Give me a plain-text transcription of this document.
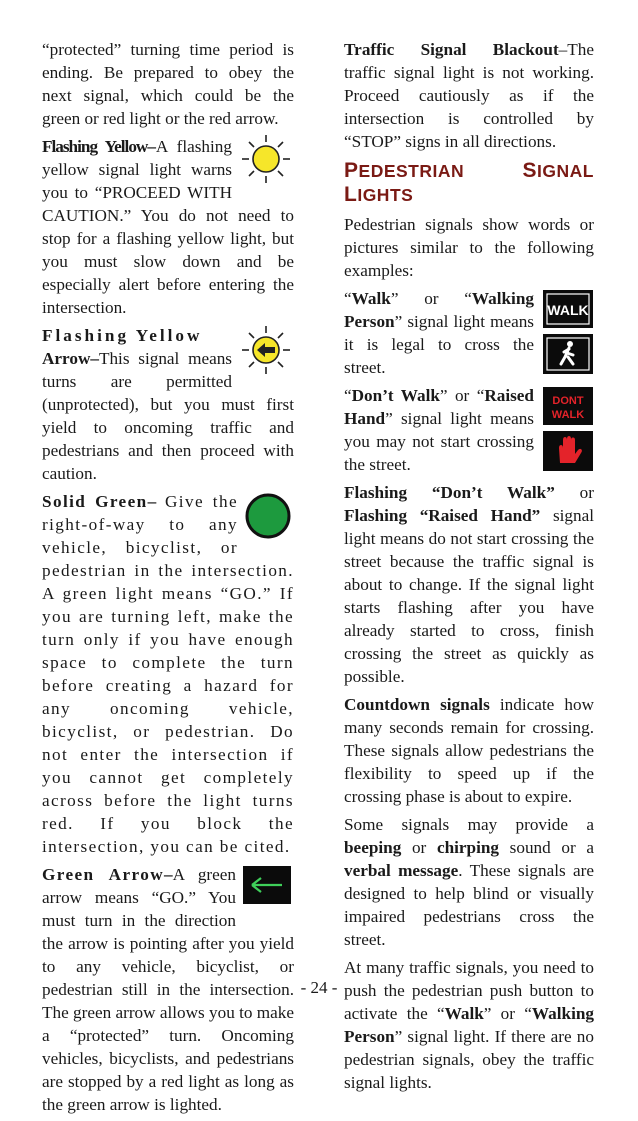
“protected” turning time period is ending. Be prepared to obey the next signal, which could be the green or red light or the red arrow.

Flashing Yellow–A flashing yellow signal light warns you to “PROCEED WITH CAUTION.” You do not need to stop for a flashing yellow light, but you must slow down and be especially alert before entering the intersection.

Flashing Yellow
Arrow–This signal means turns are permitted (unprotected), but you must first yield to oncoming traffic and pedestrians and then proceed with caution.

Solid Green– Give the right-of-way to any vehicle, bicyclist, or pedestrian in the intersection. A green light means “GO.” If you are turning left, make the turn only if you have enough space to complete the turn before creating a hazard for any oncoming vehicle, bicyclist, or pedestrian. Do not enter the intersection if you cannot get completely across before the light turns red. If you block the intersection, you can be cited.

Green Arrow–A green arrow means “GO.” You must turn in the direction the arrow is pointing after you yield to any vehicle, bicyclist, or pedestrian still in the intersection. The green arrow allows you to make a “protected” turn. Oncoming vehicles, bicyclists, and pedestrians are stopped by a red light as long as the green arrow is lighted.

Traffic Signal Blackout–The traffic signal light is not working. Proceed cautiously as if the intersection is controlled by “STOP” signs in all directions.

PEDESTRIAN SIGNAL LIGHTS

Pedestrian signals show words or pictures similar to the following examples:

WALK
“Walk” or “Walking Person” signal light means it is legal to cross the street.

DONT
WALK
“Don’t Walk” or “Raised Hand” signal light means you may not start crossing the street.

Flashing “Don’t Walk” or Flashing “Raised Hand” signal light means do not start crossing the street because the traffic signal is about to change. If the signal light starts flashing after you have already started to cross, finish crossing the street as quickly as possible.

Countdown signals indicate how many seconds remain for crossing. These signals allow pedestrians the flexibility to speed up if the crossing phase is about to expire.

Some signals may provide a beeping or chirping sound or a verbal message. These signals are designed to help blind or visually impaired pedestrians cross the street.

At many traffic signals, you need to push the pedestrian push button to activate the “Walk” or “Walking Person” signal light. If there are no pedestrian signals, obey the traffic signal lights.

- 24 -
